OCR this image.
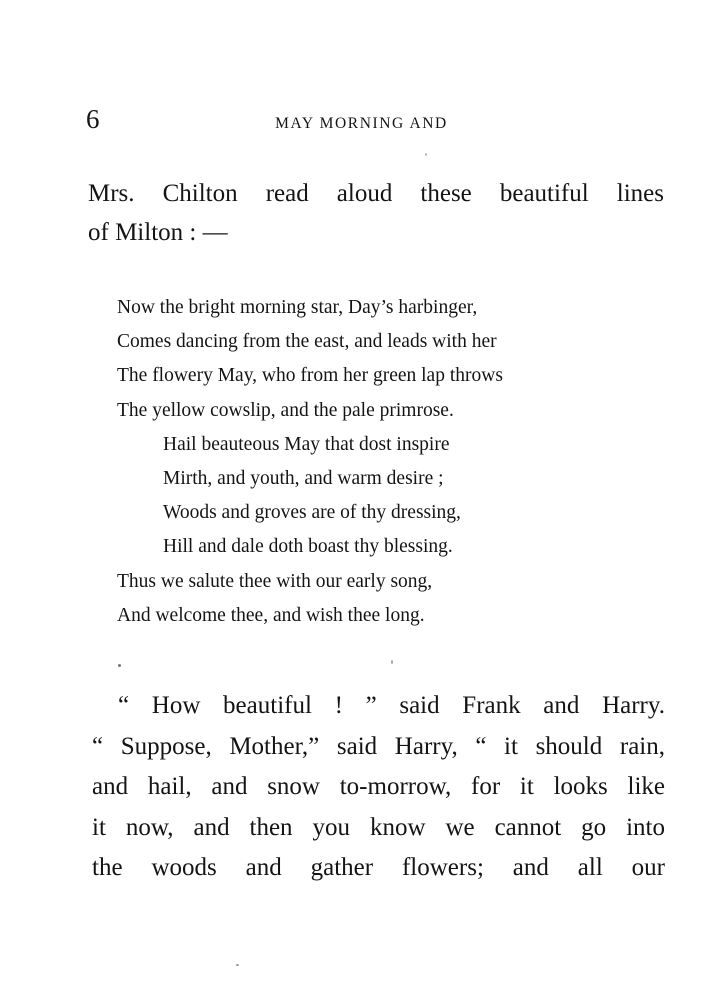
6	MAY MORNING AND
Mrs. Chilton read aloud these beautiful lines
of Milton : —
Now the bright morning star, Day’s harbinger,
Comes dancing from the east, and leads with her
The flowery May, who from her green lap throws
The yellow cowslip, and the pale primrose.
Hail beauteous May that dost inspire
Mirth, and youth, and warm desire ;
Woods and groves are of thy dressing,
Hill and dale doth boast thy blessing.
Thus we salute thee with our early song,
And welcome thee, and wish thee long.
“ How beautiful ! ” said Frank and Harry.
“ Suppose, Mother,” said Harry, “ it should rain,
and hail, and snow to-morrow, for it looks like
it now, and then you know we cannot go into
the woods and gather flowers; and all our
